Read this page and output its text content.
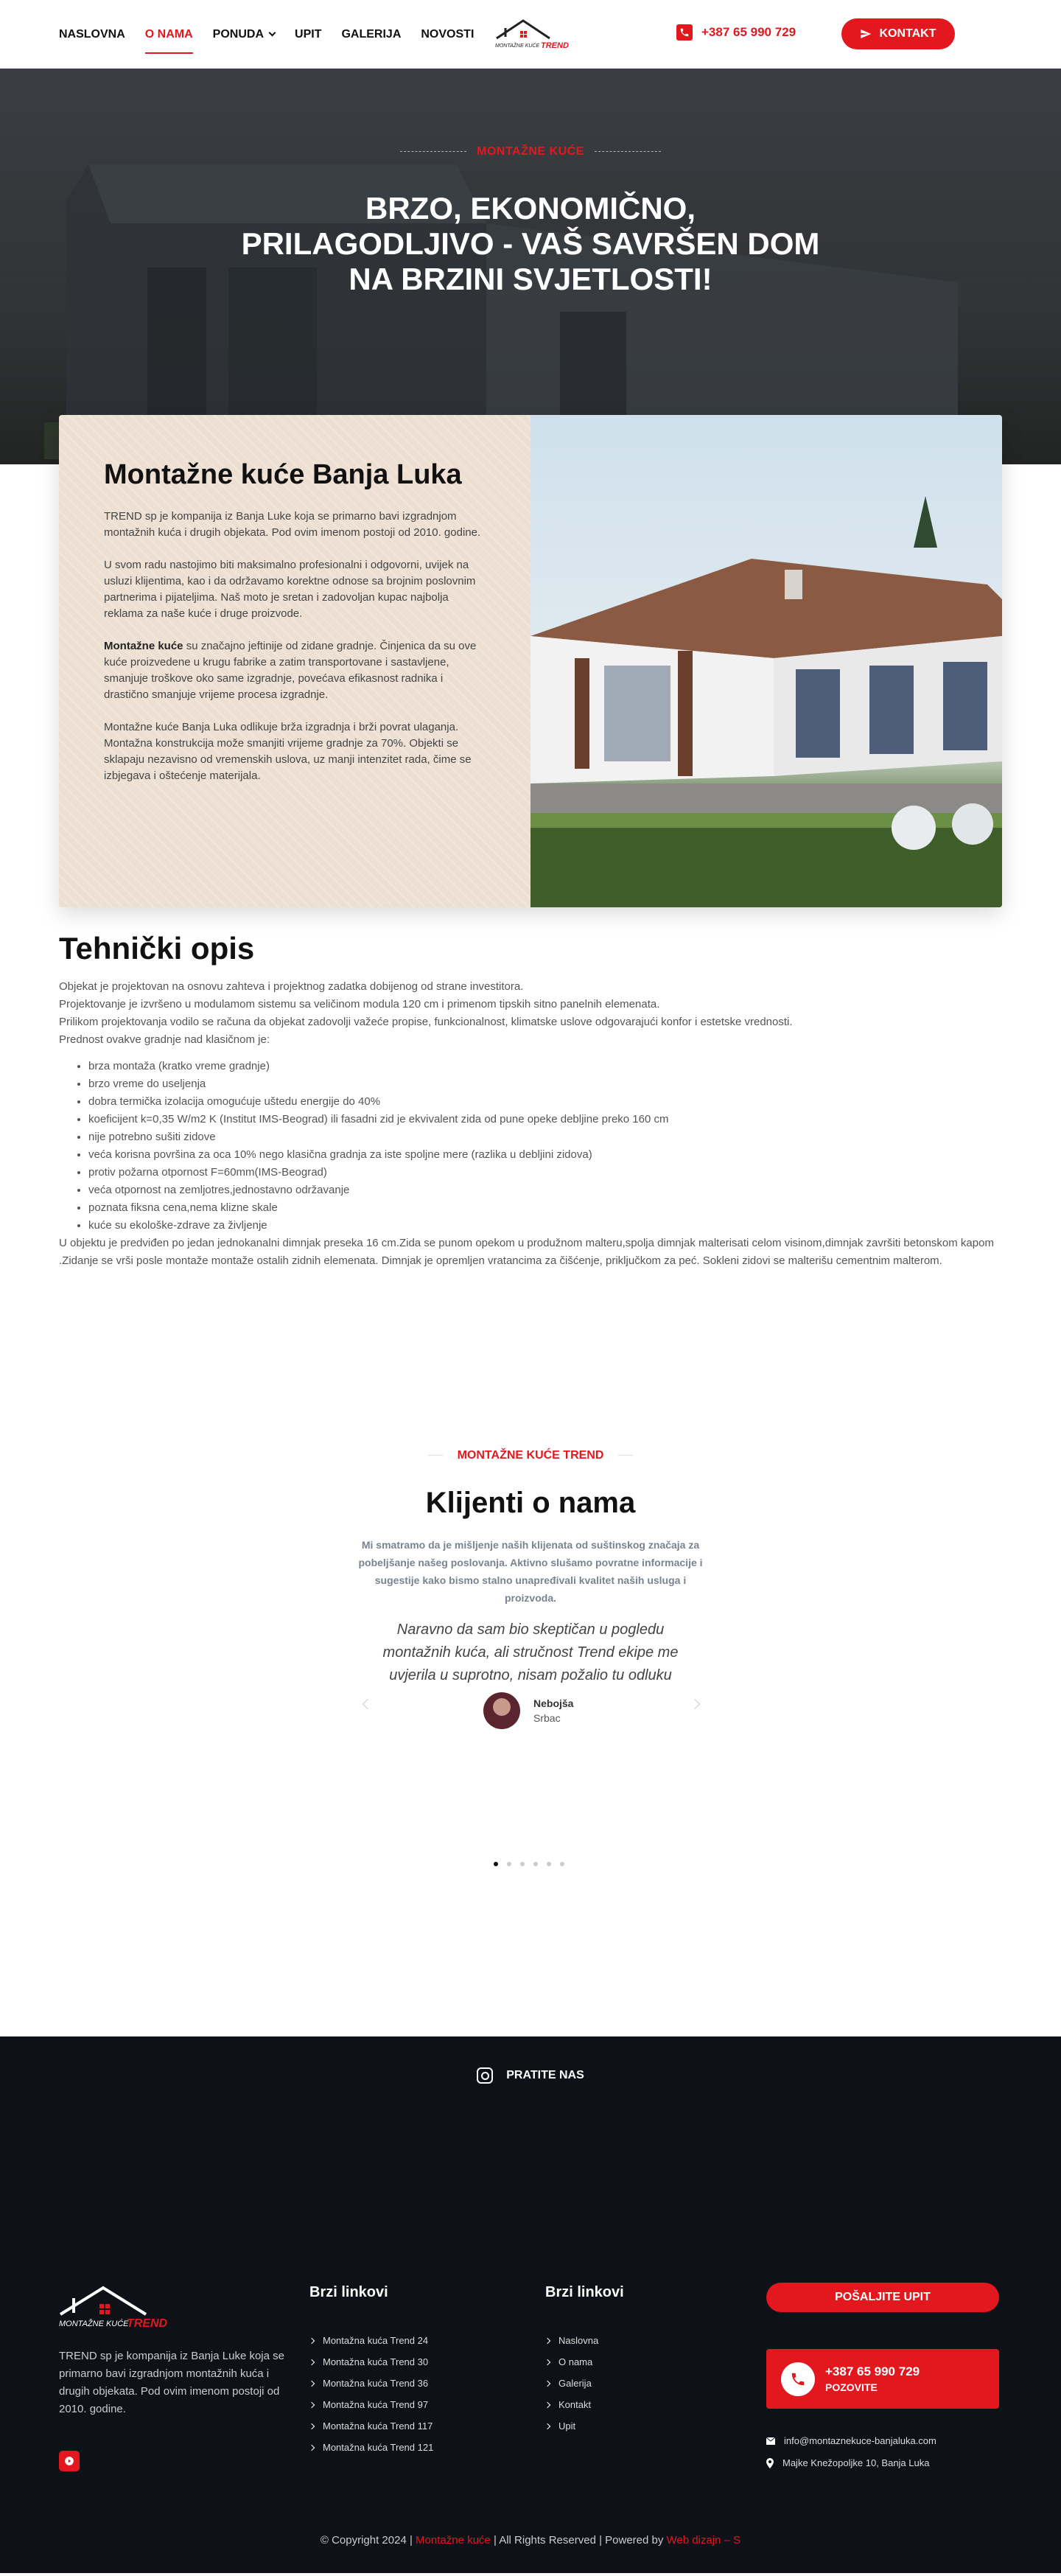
NASLOVNA O NAMA PONUDA	UPIT GALERIJA NOVOSTI
MONTAŽNE KUĆE TREND
+387 65 990 729	KONTAKT
MONTAŽNE KUĆE
BRZO, EKONOMIČNO, PRILAGODLJIVO - VAŠ SAVRŠEN DOM NA BRZINI SVJETLOSTI!
Montažne kuće Banja Luka

TREND sp je kompanija iz Banja Luke koja se primarno bavi izgradnjom montažnih kuća i drugih objekata. Pod ovim imenom postoji od 2010. godine.

U svom radu nastojimo biti maksimalno profesionalni i odgovorni, uvijek na usluzi klijentima, kao i da održavamo korektne odnose sa brojnim poslovnim partnerima i pijateljima. Naš moto je sretan i zadovoljan kupac najbolja reklama za naše kuće i druge proizvode.

Montažne kuće su značajno jeftinije od zidane gradnje. Činjenica da su ove kuće proizvedene u krugu fabrike a zatim transportovane i sastavljene, smanjuje troškove oko same izgradnje, povećava efikasnost radnika i drastično smanjuje vrijeme procesa izgradnje.

Montažne kuće Banja Luka odlikuje brža izgradnja i brži povrat ulaganja. Montažna konstrukcija može smanjiti vrijeme gradnje za 70%. Objekti se sklapaju nezavisno od vremenskih uslova, uz manji intenzitet rada, čime se izbjegava i oštećenje materijala.

Tehnički opis

Objekat je projektovan na osnovu zahteva i projektnog zadatka dobijenog od strane investitora.

Projektovanje je izvršeno u modulamom sistemu sa veličinom modula 120 cm i primenom tipskih sitno panelnih elemenata.

Prilikom projektovanja vodilo se računa da objekat zadovolji važeće propise, funkcionalnost, klimatske uslove odgovarajući konfor i estetske vrednosti.

Prednost ovakve gradnje nad klasičnom je:

• brza montaža (kratko vreme gradnje)
• brzo vreme do useljenja
• dobra termička izolacija omogućuje uštedu energije do 40%
• koeficijent k=0,35 W/m2 K (Institut IMS-Beograd) ili fasadni zid je ekvivalent zida od pune opeke debljine preko 160 cm
• nije potrebno sušiti zidove
• veća korisna površina za oca 10% nego klasična gradnja za iste spoljne mere (razlika u debljini zidova)
• protiv požarna otpornost F=60mm(IMS-Beograd)
• veća otpornost na zemljotres,jednostavno održavanje
• poznata fiksna cena,nema klizne skale
• kuće su ekološke-zdrave za življenje

U objektu je predviđen po jedan jednokanalni dimnjak preseka 16 cm.Zida se punom opekom u produžnom malteru,spolja dimnjak malterisati celom visinom,dimnjak završiti betonskom kapom .Zidanje se vrši posle montaže montaže ostalih zidnih elemenata. Dimnjak je opremljen vratancima za čišćenje, priključkom za peć. Sokleni zidovi se malterišu cementnim malterom.

MONTAŽNE KUĆE TREND
Klijenti o nama

Mi smatramo da je mišljenje naših klijenata od suštinskog značaja za pobeljšanje našeg poslovanja. Aktivno slušamo povratne informacije i sugestije kako bismo stalno unaprеđivali kvalitet naših usluga i proizvoda.

Naravno da sam bio skeptičan u pogledu montažnih kuća, ali stručnost Trend ekipe me uvjerila u suprotno, nisam požalio tu odluku

Nebojša
Srbac
PRATITE NAS
MONTAŽNE KUĆE
TREND

TREND sp je kompanija iz Banja Luke koja se primarno bavi izgradnjom montažnih kuća i drugih objekata. Pod ovim imenom postoji od 2010. godine.

Brzi linkovi
Montažna kuća Trend 24
Montažna kuća Trend 30
Montažna kuća Trend 36
Montažna kuća Trend 97
Montažna kuća Trend 117
Montažna kuća Trend 121
Brzi linkovi
Naslovna
O nama
Galerija
Kontakt
Upit
POŠALJITE UPIT
+387 65 990 729
POZOVITE
info@montaznekuce-banjaluka.com
Majke Knežopoljke 10, Banja Luka
© Copyright 2024 | Montažne kuće | All Rights Reserved | Powered by Web dizajn – S
